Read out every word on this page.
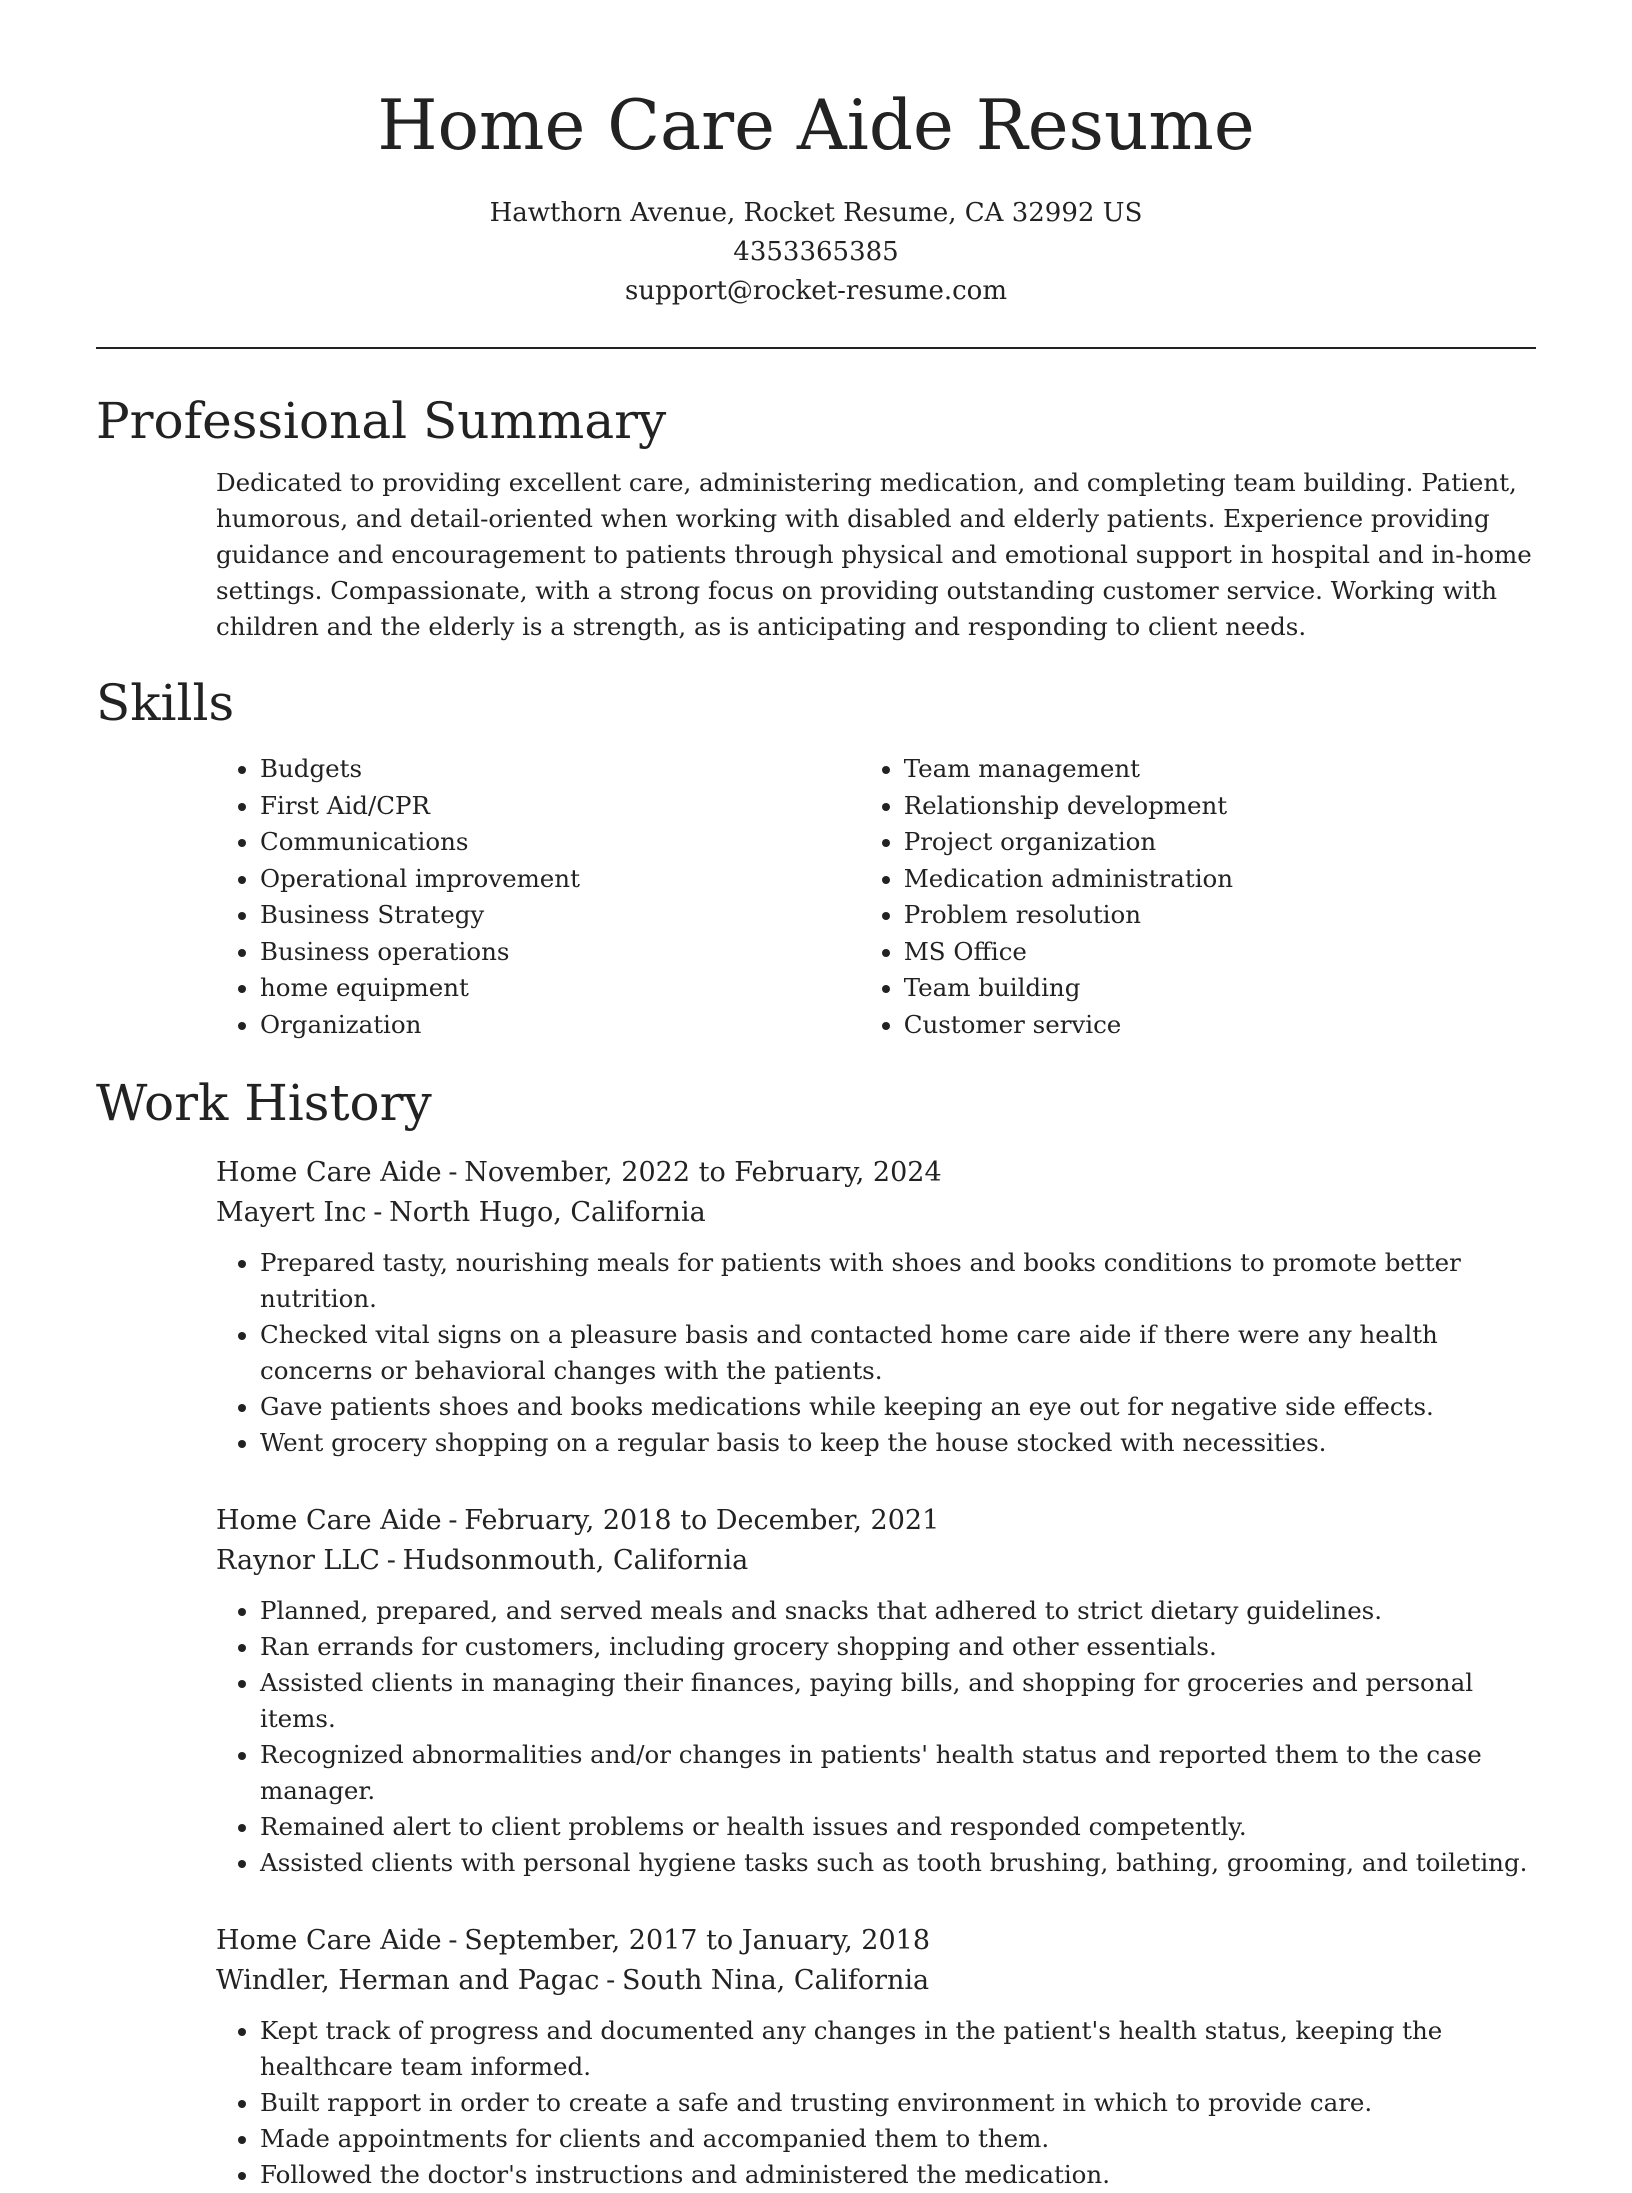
Home Care Aide Resume
Hawthorn Avenue, Rocket Resume, CA 32992 US
4353365385
support@rocket-resume.com
Professional Summary
Dedicated to providing excellent care, administering medication, and completing team building. Patient, humorous, and detail-oriented when working with disabled and elderly patients. Experience providing guidance and encouragement to patients through physical and emotional support in hospital and in-home settings. Compassionate, with a strong focus on providing outstanding customer service. Working with children and the elderly is a strength, as is anticipating and responding to client needs.
Skills
• Budgets
• First Aid/CPR
• Communications
• Operational improvement
• Business Strategy
• Business operations
• home equipment
• Organization
• Team management
• Relationship development
• Project organization
• Medication administration
• Problem resolution
• MS Office
• Team building
• Customer service
Work History
Home Care Aide - November, 2022 to February, 2024
Mayert Inc - North Hugo, California
• Prepared tasty, nourishing meals for patients with shoes and books conditions to promote better nutrition.
• Checked vital signs on a pleasure basis and contacted home care aide if there were any health concerns or behavioral changes with the patients.
• Gave patients shoes and books medications while keeping an eye out for negative side effects.
• Went grocery shopping on a regular basis to keep the house stocked with necessities.
Home Care Aide - February, 2018 to December, 2021
Raynor LLC - Hudsonmouth, California
• Planned, prepared, and served meals and snacks that adhered to strict dietary guidelines.
• Ran errands for customers, including grocery shopping and other essentials.
• Assisted clients in managing their finances, paying bills, and shopping for groceries and personal items.
• Recognized abnormalities and/or changes in patients' health status and reported them to the case manager.
• Remained alert to client problems or health issues and responded competently.
• Assisted clients with personal hygiene tasks such as tooth brushing, bathing, grooming, and toileting.
Home Care Aide - September, 2017 to January, 2018
Windler, Herman and Pagac - South Nina, California
• Kept track of progress and documented any changes in the patient's health status, keeping the healthcare team informed.
• Built rapport in order to create a safe and trusting environment in which to provide care.
• Made appointments for clients and accompanied them to them.
• Followed the doctor's instructions and administered the medication.
